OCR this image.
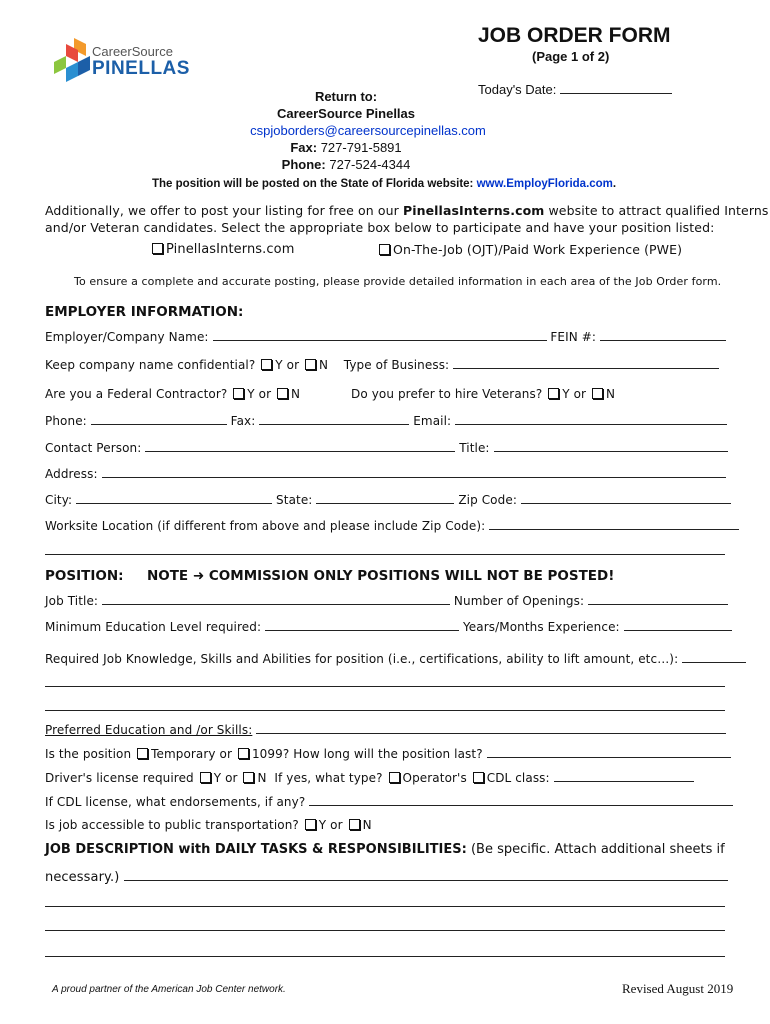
CareerSource
PINELLAS
JOB ORDER FORM
(Page 1 of 2)
Today's Date:
Return to:
CareerSource Pinellas
cspjoborders@careersourcepinellas.com
Fax: 727-791-5891
Phone: 727-524-4344
The position will be posted on the State of Florida website: www.EmployFlorida.com.
Additionally, we offer to post your listing for free on our PinellasInterns.com website to attract qualified Interns
and/or Veteran candidates. Select the appropriate box below to participate and have your position listed:
PinellasInterns.com	On-The-Job (OJT)/Paid Work Experience (PWE)
To ensure a complete and accurate posting, please provide detailed information in each area of the Job Order form.
EMPLOYER INFORMATION:
Employer/Company Name:	FEIN #:
Keep company name confidential? Y or N Type of Business:
Are you a Federal Contractor? Y or N	Do you prefer to hire Veterans? Y or N
Phone:	Fax:	Email:
Contact Person:	Title:
Address:
City:	State:	Zip Code:
Worksite Location (if different from above and please include Zip Code):
POSITION: NOTE ➜ COMMISSION ONLY POSITIONS WILL NOT BE POSTED!
Job Title:	Number of Openings:
Minimum Education Level required:	Years/Months Experience:
Required Job Knowledge, Skills and Abilities for position (i.e., certifications, ability to lift amount, etc…):
Preferred Education and /or Skills:
Is the position Temporary or 1099? How long will the position last?
Driver's license required Y or N If yes, what type? Operator's CDL class:
If CDL license, what endorsements, if any?
Is job accessible to public transportation? Y or N
JOB DESCRIPTION with DAILY TASKS & RESPONSIBILITIES: (Be specific. Attach additional sheets if
necessary.)
A proud partner of the American Job Center network.	Revised August 2019
